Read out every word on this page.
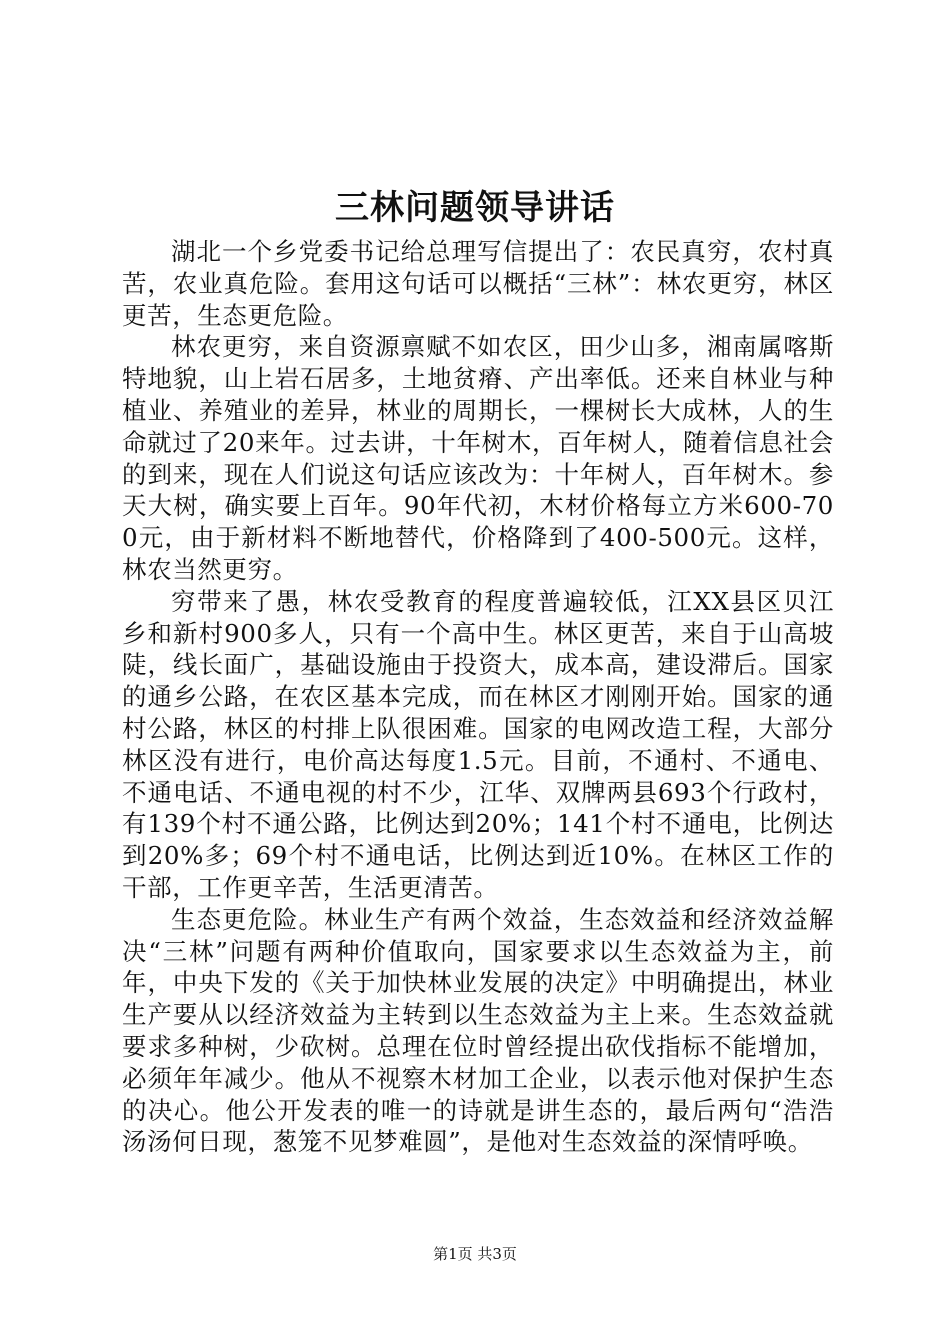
三林问题领导讲话

湖北一个乡党委书记给总理写信提出了：农民真穷，农村真苦，农业真危险。套用这句话可以概括“三林”：林农更穷，林区更苦，生态更危险。

林农更穷，来自资源禀赋不如农区，田少山多，湘南属喀斯特地貌，山上岩石居多，土地贫瘠、产出率低。还来自林业与种植业、养殖业的差异，林业的周期长，一棵树长大成林，人的生命就过了20来年。过去讲，十年树木，百年树人，随着信息社会的到来，现在人们说这句话应该改为：十年树人，百年树木。参天大树，确实要上百年。90年代初，木材价格每立方米600-700元，由于新材料不断地替代，价格降到了400-500元。这样，林农当然更穷。

穷带来了愚，林农受教育的程度普遍较低，江XX县区贝江乡和新村900多人，只有一个高中生。林区更苦，来自于山高坡陡，线长面广，基础设施由于投资大，成本高，建设滞后。国家的通乡公路，在农区基本完成，而在林区才刚刚开始。国家的通村公路，林区的村排上队很困难。国家的电网改造工程，大部分林区没有进行，电价高达每度1.5元。目前，不通村、不通电、不通电话、不通电视的村不少，江华、双牌两县693个行政村，有139个村不通公路，比例达到20%；141个村不通电，比例达到20%多；69个村不通电话，比例达到近10%。在林区工作的干部，工作更辛苦，生活更清苦。

生态更危险。林业生产有两个效益，生态效益和经济效益解决“三林”问题有两种价值取向，国家要求以生态效益为主，前年，中央下发的《关于加快林业发展的决定》中明确提出，林业生产要从以经济效益为主转到以生态效益为主上来。生态效益就要求多种树，少砍树。总理在位时曾经提出砍伐指标不能增加，必须年年减少。他从不视察木材加工企业，以表示他对保护生态的决心。他公开发表的唯一的诗就是讲生态的，最后两句“浩浩汤汤何日现，葱笼不见梦难圆”，是他对生态效益的深情呼唤。

第1页 共3页
